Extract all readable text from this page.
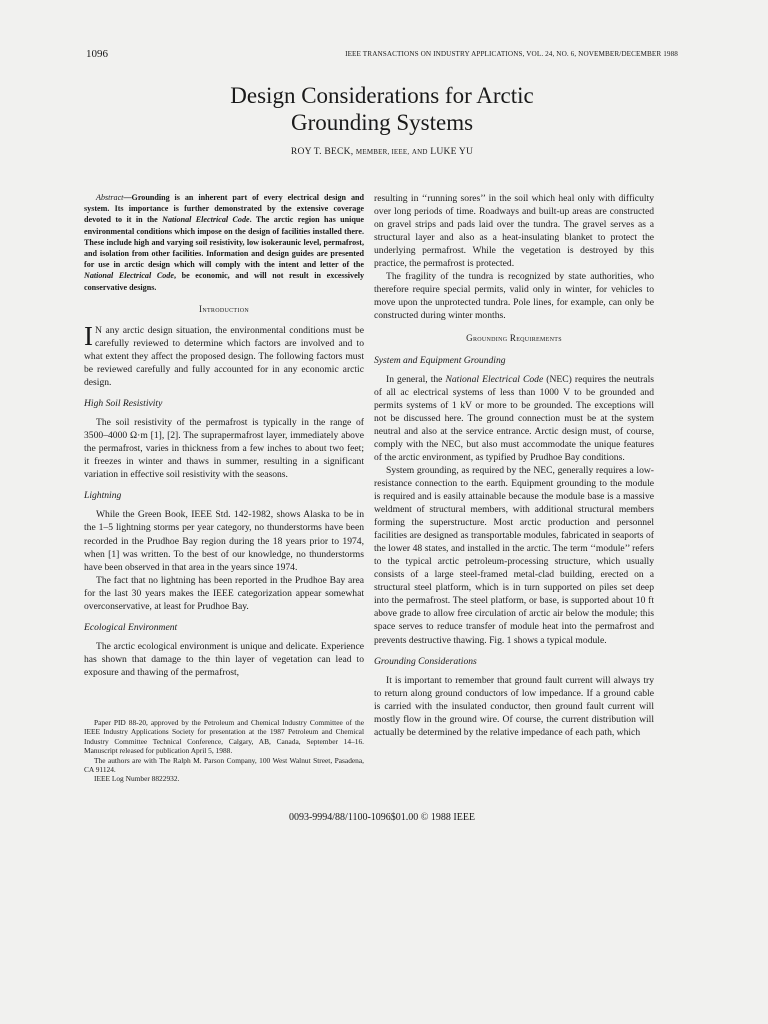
1096	IEEE TRANSACTIONS ON INDUSTRY APPLICATIONS, VOL. 24, NO. 6, NOVEMBER/DECEMBER 1988
Design Considerations for Arctic
Grounding Systems
ROY T. BECK, MEMBER, IEEE, AND LUKE YU

Abstract—Grounding is an inherent part of every electrical design and system. Its importance is further demonstrated by the extensive coverage devoted to it in the National Electrical Code. The arctic region has unique environmental conditions which impose on the design of facilities installed there. These include high and varying soil resistivity, low isokeraunic level, permafrost, and isolation from other facilities. Information and design guides are presented for use in arctic design which will comply with the intent and letter of the National Electrical Code, be economic, and will not result in excessively conservative designs.

Introduction

IN any arctic design situation, the environmental conditions must be carefully reviewed to determine which factors are involved and to what extent they affect the proposed design. The following factors must be reviewed carefully and fully accounted for in any economic arctic design.

High Soil Resistivity

The soil resistivity of the permafrost is typically in the range of 3500–4000 Ω·m [1], [2]. The suprapermafrost layer, immediately above the permafrost, varies in thickness from a few inches to about two feet; it freezes in winter and thaws in summer, resulting in a significant variation in effective soil resistivity with the seasons.

Lightning

While the Green Book, IEEE Std. 142-1982, shows Alaska to be in the 1–5 lightning storms per year category, no thunderstorms have been recorded in the Prudhoe Bay region during the 18 years prior to 1974, when [1] was written. To the best of our knowledge, no thunderstorms have been observed in that area in the years since 1974.

The fact that no lightning has been reported in the Prudhoe Bay area for the last 30 years makes the IEEE categorization appear somewhat overconservative, at least for Prudhoe Bay.

Ecological Environment

The arctic ecological environment is unique and delicate. Experience has shown that damage to the thin layer of vegetation can lead to exposure and thawing of the permafrost,

Paper PID 88-20, approved by the Petroleum and Chemical Industry Committee of the IEEE Industry Applications Society for presentation at the 1987 Petroleum and Chemical Industry Committee Technical Conference, Calgary, AB, Canada, September 14–16. Manuscript released for publication April 5, 1988.

The authors are with The Ralph M. Parson Company, 100 West Walnut Street, Pasadena, CA 91124.

IEEE Log Number 8822932.

resulting in ‘‘running sores’’ in the soil which heal only with difficulty over long periods of time. Roadways and built-up areas are constructed on gravel strips and pads laid over the tundra. The gravel serves as a structural layer and also as a heat-insulating blanket to protect the underlying permafrost. While the vegetation is destroyed by this practice, the permafrost is protected.

The fragility of the tundra is recognized by state authorities, who therefore require special permits, valid only in winter, for vehicles to move upon the unprotected tundra. Pole lines, for example, can only be constructed during winter months.

Grounding Requirements
System and Equipment Grounding

In general, the National Electrical Code (NEC) requires the neutrals of all ac electrical systems of less than 1000 V to be grounded and permits systems of 1 kV or more to be grounded. The exceptions will not be discussed here. The ground connection must be at the system neutral and also at the service entrance. Arctic design must, of course, comply with the NEC, but also must accommodate the unique features of the arctic environment, as typified by Prudhoe Bay conditions.

System grounding, as required by the NEC, generally requires a low-resistance connection to the earth. Equipment grounding to the module is required and is easily attainable because the module base is a massive weldment of structural members, with additional structural members forming the superstructure. Most arctic production and personnel facilities are designed as transportable modules, fabricated in seaports of the lower 48 states, and installed in the arctic. The term ‘‘module’’ refers to the typical arctic petroleum-processing structure, which usually consists of a large steel-framed metal-clad building, erected on a structural steel platform, which is in turn supported on piles set deep into the permafrost. The steel platform, or base, is supported about 10 ft above grade to allow free circulation of arctic air below the module; this space serves to reduce transfer of module heat into the permafrost and prevents destructive thawing. Fig. 1 shows a typical module.

Grounding Considerations

It is important to remember that ground fault current will always try to return along ground conductors of low impedance. If a ground cable is carried with the insulated conductor, then ground fault current will mostly flow in the ground wire. Of course, the current distribution will actually be determined by the relative impedance of each path, which

0093-9994/88/1100-1096$01.00 © 1988 IEEE
